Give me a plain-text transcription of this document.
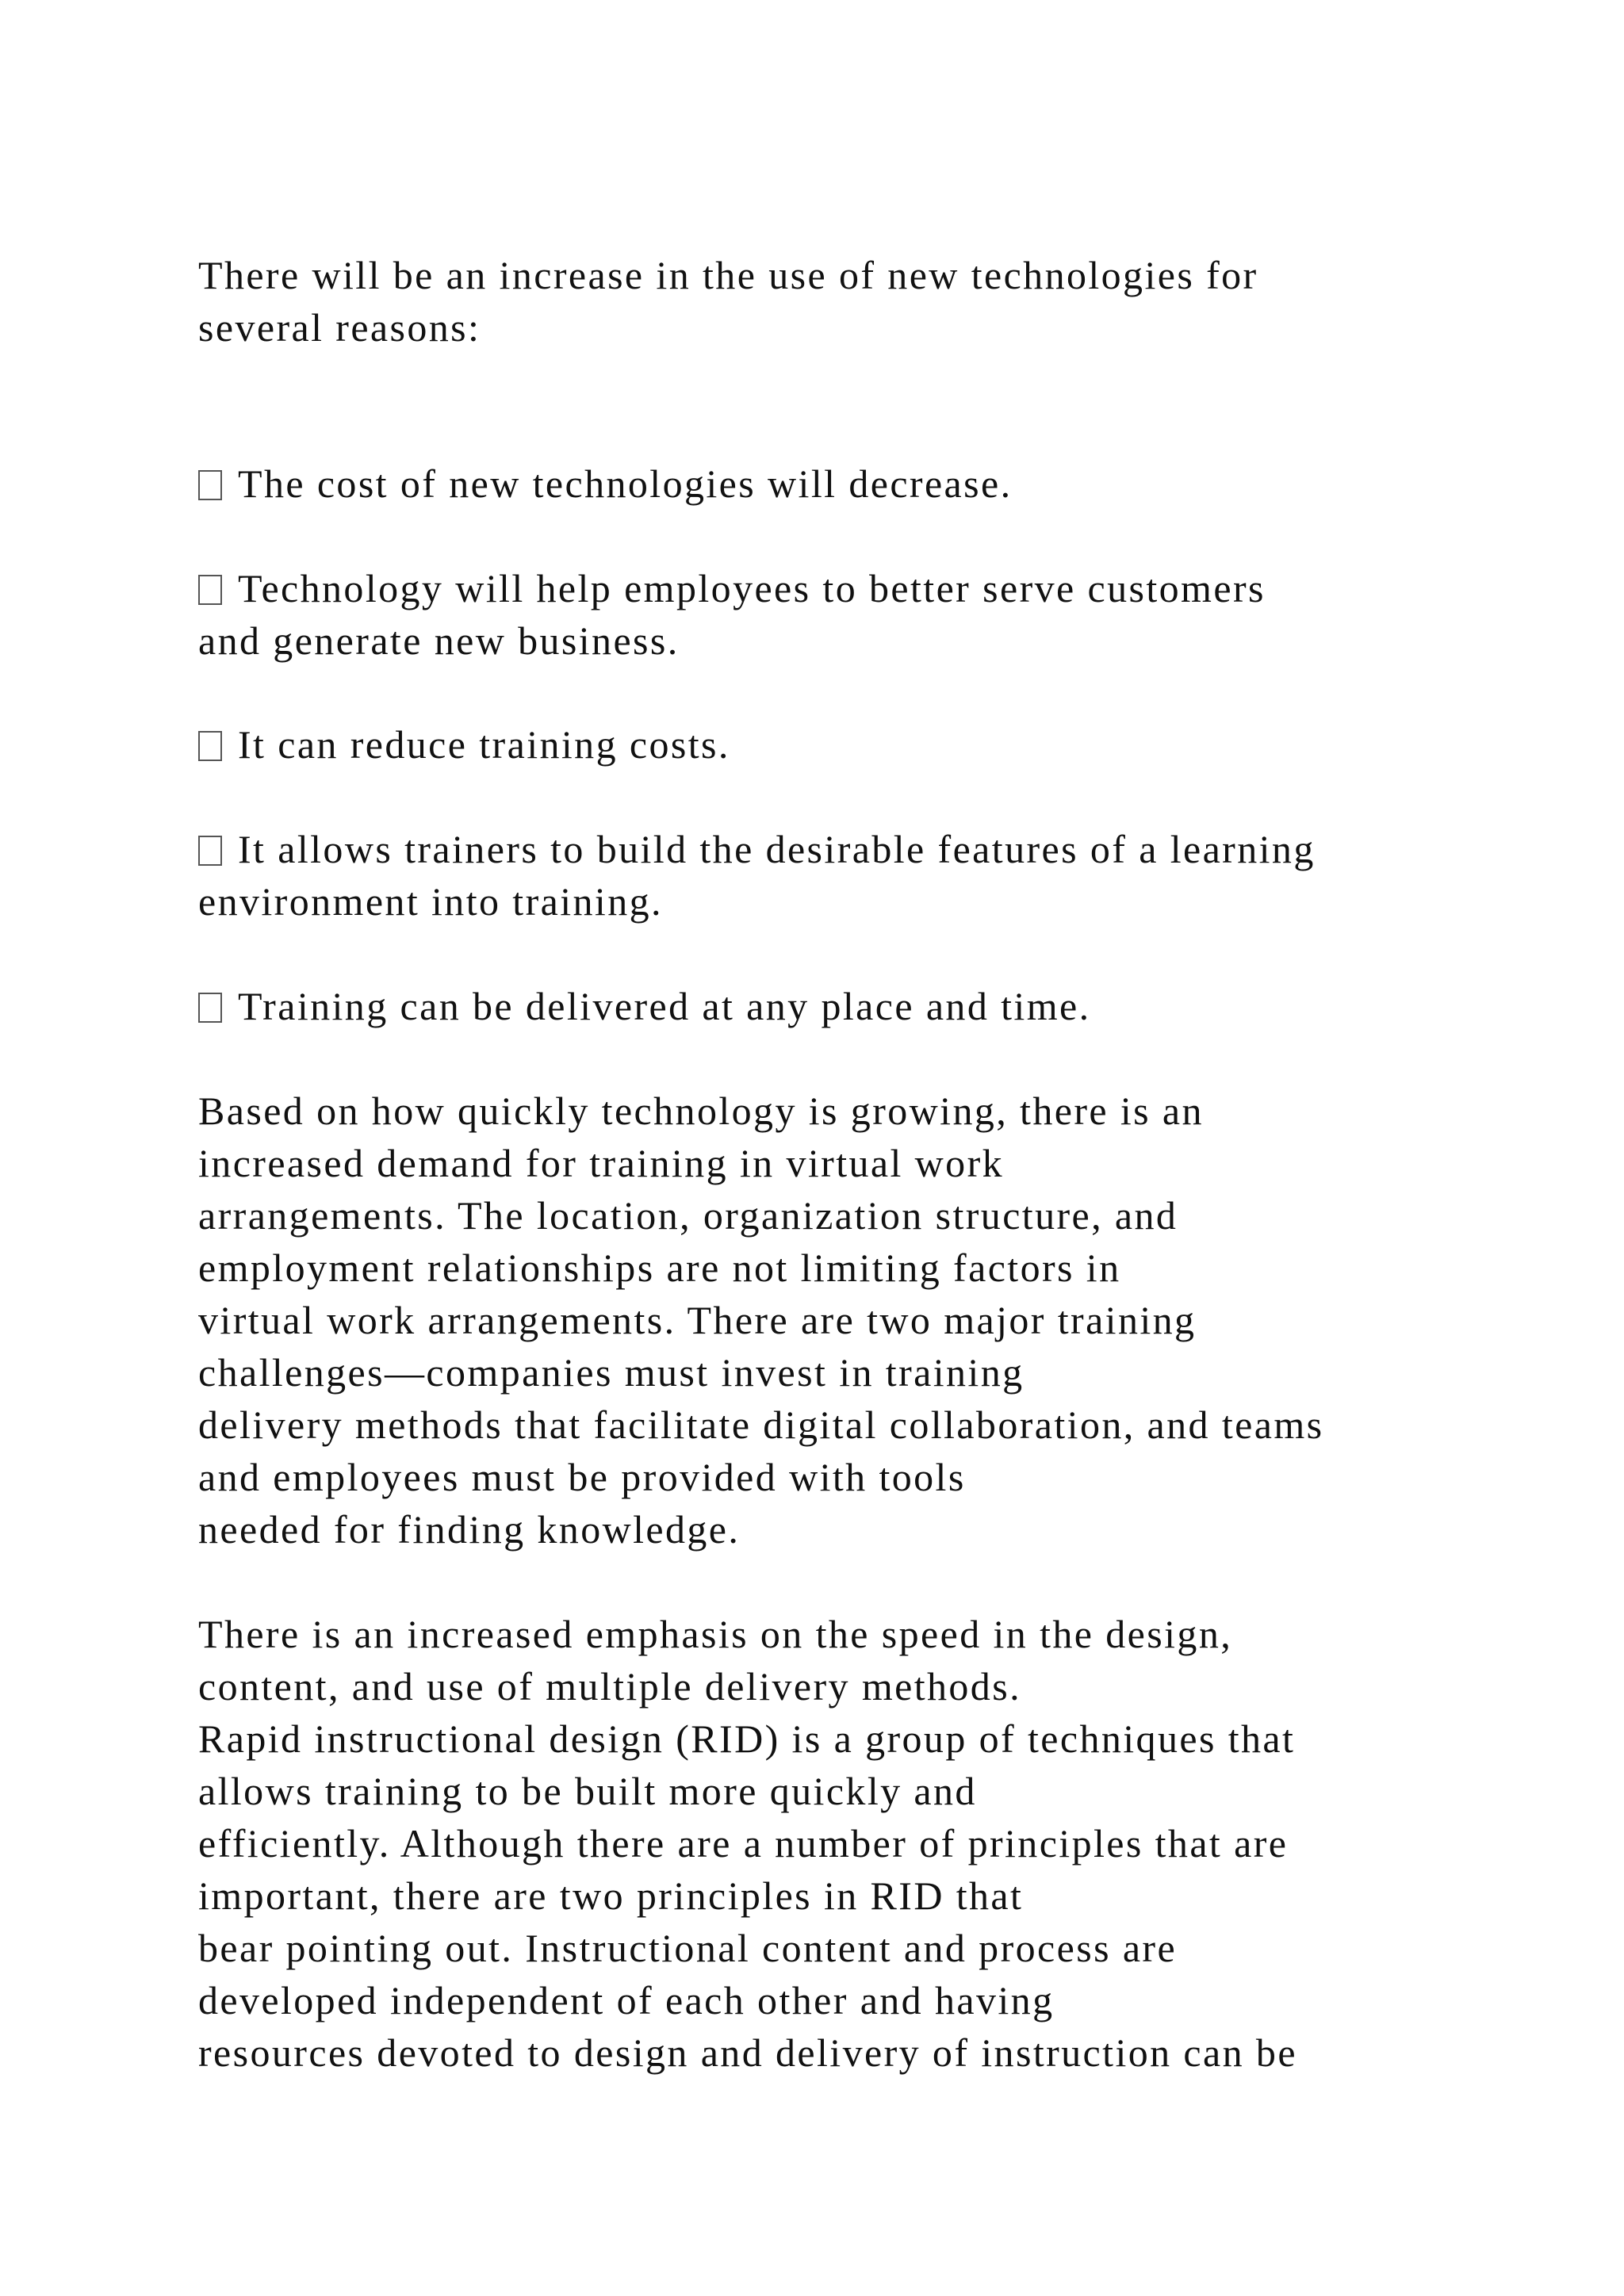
There will be an increase in the use of new technologies for

several reasons:

The cost of new technologies will decrease.

Technology will help employees to better serve customers

and generate new business.

It can reduce training costs.

It allows trainers to build the desirable features of a learning

environment into training.

Training can be delivered at any place and time.

Based on how quickly technology is growing, there is an

increased demand for training in virtual work

arrangements. The location, organization structure, and

employment relationships are not limiting factors in

virtual work arrangements. There are two major training

challenges—companies must invest in training

delivery methods that facilitate digital collaboration, and teams

and employees must be provided with tools

needed for finding knowledge.

There is an increased emphasis on the speed in the design,

content, and use of multiple delivery methods.

Rapid instructional design (RID) is a group of techniques that

allows training to be built more quickly and

efficiently. Although there are a number of principles that are

important, there are two principles in RID that

bear pointing out. Instructional content and process are

developed independent of each other and having

resources devoted to design and delivery of instruction can be
